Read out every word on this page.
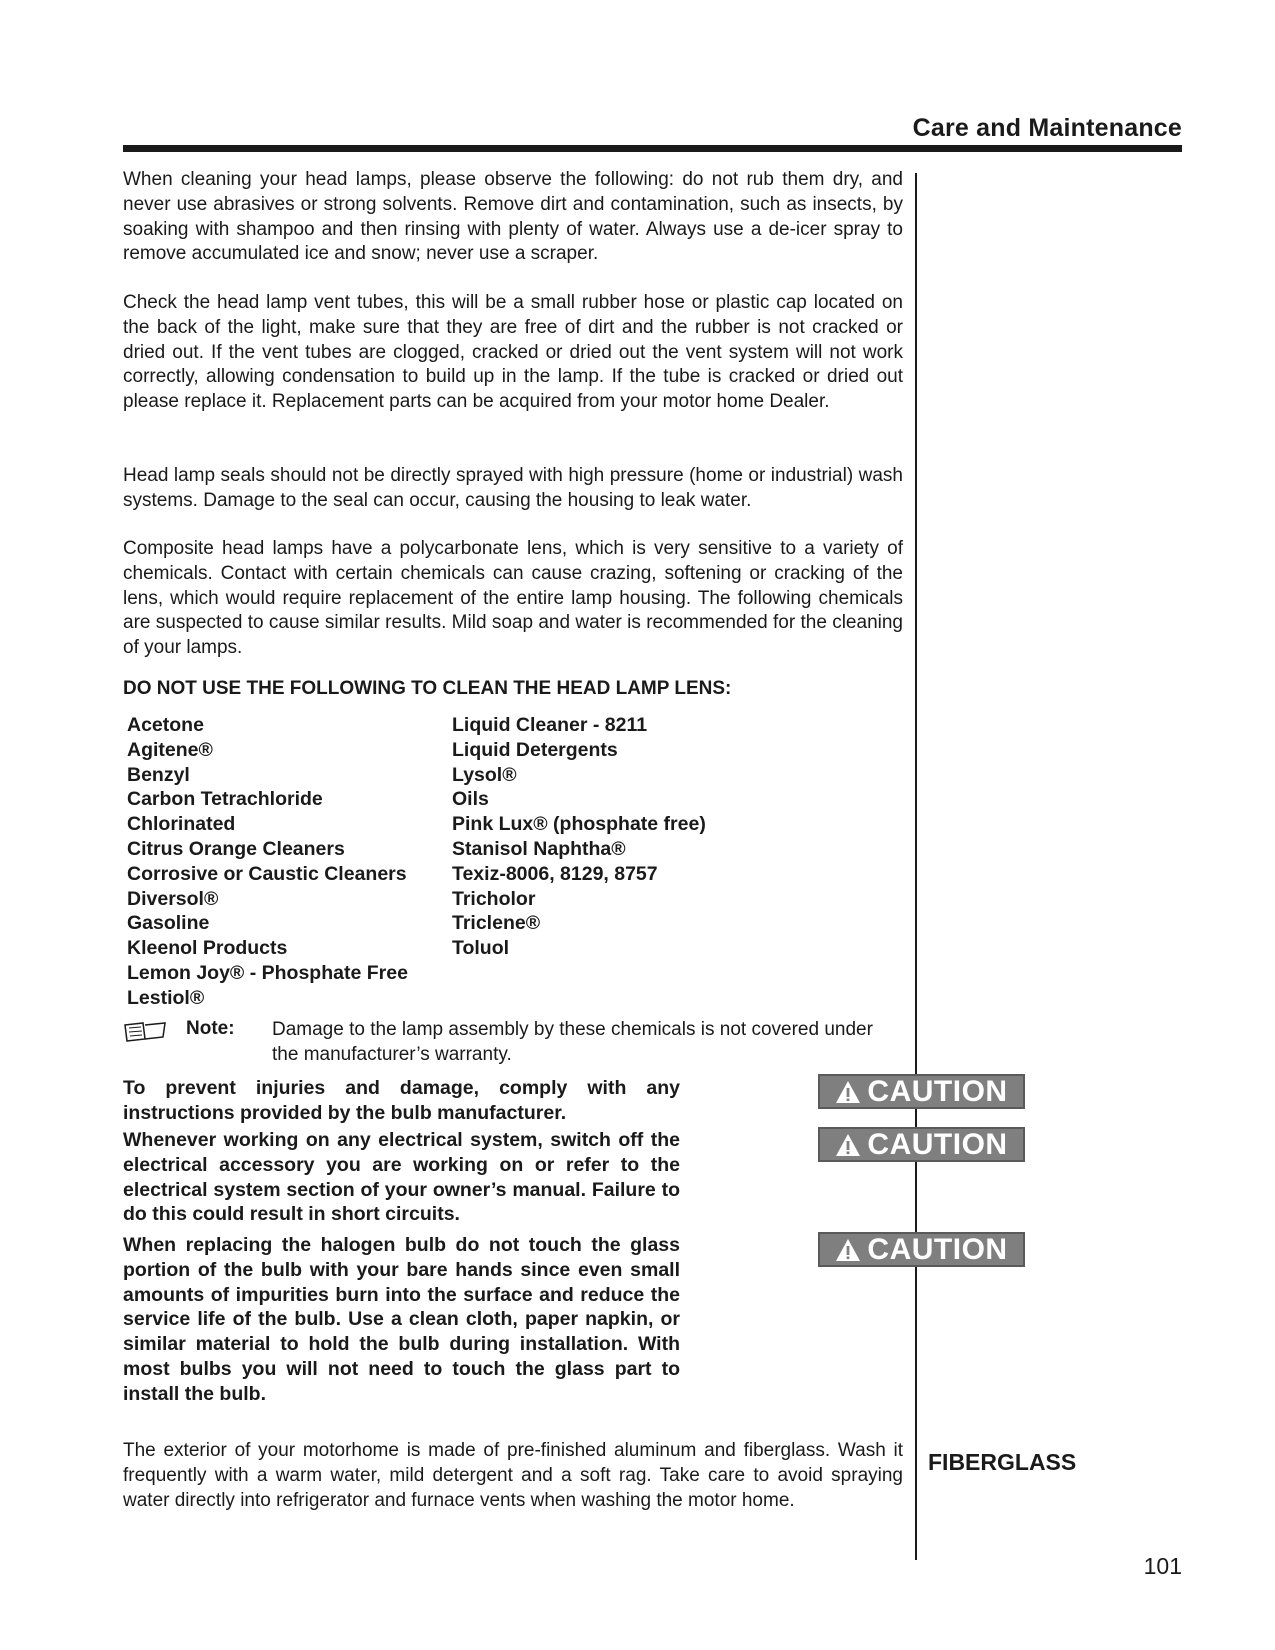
Care and Maintenance

When cleaning your head lamps, please observe the following: do not rub them dry, and never use abrasives or strong solvents. Remove dirt and contamination, such as insects, by soaking with shampoo and then rinsing with plenty of water. Always use a de-icer spray to remove accumulated ice and snow; never use a scraper.

Check the head lamp vent tubes, this will be a small rubber hose or plastic cap located on the back of the light, make sure that they are free of dirt and the rubber is not cracked or dried out. If the vent tubes are clogged, cracked or dried out the vent system will not work correctly, allowing condensation to build up in the lamp. If the tube is cracked or dried out please replace it. Replacement parts can be acquired from your motor home Dealer.

Head lamp seals should not be directly sprayed with high pressure (home or industrial) wash systems. Damage to the seal can occur, causing the housing to leak water.

Composite head lamps have a polycarbonate lens, which is very sensitive to a variety of chemicals. Contact with certain chemicals can cause crazing, softening or cracking of the lens, which would require replacement of the entire lamp housing. The following chemicals are suspected to cause similar results. Mild soap and water is recommended for the cleaning of your lamps.

DO NOT USE THE FOLLOWING TO CLEAN THE HEAD LAMP LENS:

Acetone
Agitene®
Benzyl
Carbon Tetrachloride
Chlorinated
Citrus Orange Cleaners
Corrosive or Caustic Cleaners
Diversol®
Gasoline
Kleenol Products
Lemon Joy® - Phosphate Free
Lestiol®
Liquid Cleaner - 8211
Liquid Detergents
Lysol®
Oils
Pink Lux® (phosphate free)
Stanisol Naphtha®
Texiz-8006, 8129, 8757
Tricholor
Triclene®
Toluol
Note: Damage to the lamp assembly by these chemicals is not covered under the manufacturer’s warranty.

To prevent injuries and damage, comply with any instructions provided by the bulb manufacturer.

CAUTION

Whenever working on any electrical system, switch off the electrical accessory you are working on or refer to the electrical system section of your owner’s manual. Failure to do this could result in short circuits.

CAUTION

When replacing the halogen bulb do not touch the glass portion of the bulb with your bare hands since even small amounts of impurities burn into the surface and reduce the service life of the bulb. Use a clean cloth, paper napkin, or similar material to hold the bulb during installation. With most bulbs you will not need to touch the glass part to install the bulb.

CAUTION

The exterior of your motorhome is made of pre-finished aluminum and fiberglass. Wash it frequently with a warm water, mild detergent and a soft rag. Take care to avoid spraying water directly into refrigerator and furnace vents when washing the motor home.

FIBERGLASS
101
